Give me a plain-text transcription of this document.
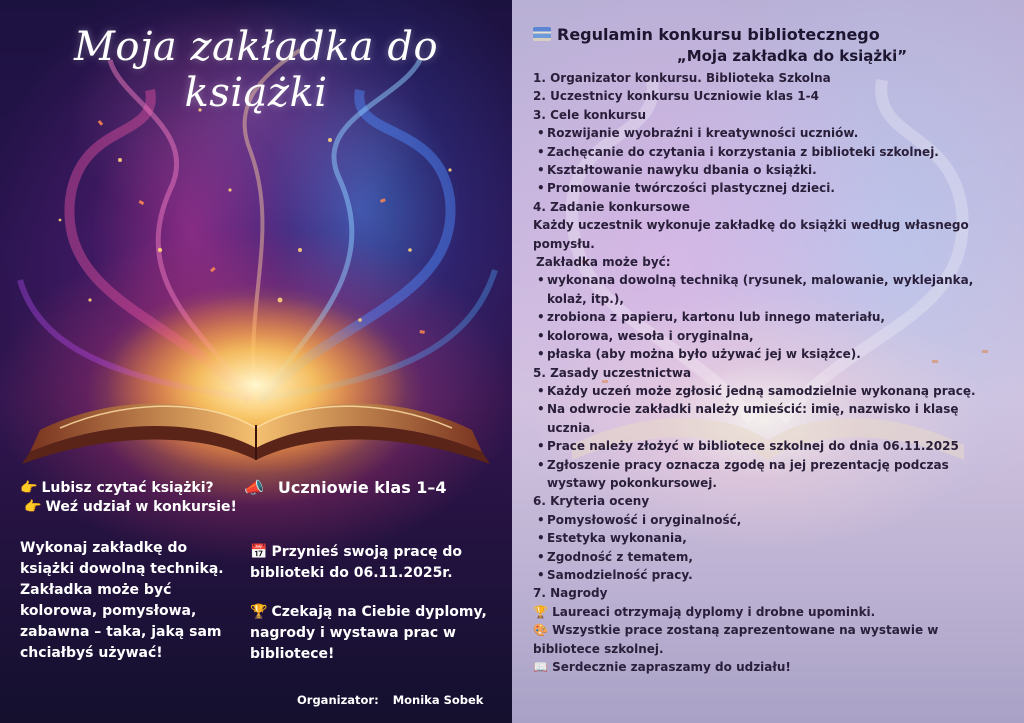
Moja zakładka do książki
👉 Lubisz czytać książki?
👉 Weź udział w konkursie!
📣 Uczniowie klas 1–4
Wykonaj zakładkę do książki dowolną techniką. Zakładka może być kolorowa, pomysłowa, zabawna – taka, jaką sam chciałbyś używać!
📅 Przynieś swoją pracę do biblioteki do 06.11.2025r.
🏆 Czekają na Ciebie dyplomy, nagrody i wystawa prac w bibliotece!
Organizator: Monika Sobek
Regulamin konkursu bibliotecznego
„Moja zakładka do książki”
1. Organizator konkursu. Biblioteka Szkolna
2. Uczestnicy konkursu Uczniowie klas 1-4
3. Cele konkursu
• Rozwijanie wyobraźni i kreatywności uczniów.
• Zachęcanie do czytania i korzystania z biblioteki szkolnej.
• Kształtowanie nawyku dbania o książki.
• Promowanie twórczości plastycznej dzieci.
4. Zadanie konkursowe
Każdy uczestnik wykonuje zakładkę do książki według własnego pomysłu.
Zakładka może być:
• wykonana dowolną techniką (rysunek, malowanie, wyklejanka, kolaż, itp.),
• zrobiona z papieru, kartonu lub innego materiału,
• kolorowa, wesoła i oryginalna,
• płaska (aby można było używać jej w książce).
5. Zasady uczestnictwa
• Każdy uczeń może zgłosić jedną samodzielnie wykonaną pracę.
• Na odwrocie zakładki należy umieścić: imię, nazwisko i klasę ucznia.
• Prace należy złożyć w bibliotece szkolnej do dnia 06.11.2025
• Zgłoszenie pracy oznacza zgodę na jej prezentację podczas wystawy pokonkursowej.
6. Kryteria oceny
• Pomysłowość i oryginalność,
• Estetyka wykonania,
• Zgodność z tematem,
• Samodzielność pracy.
7. Nagrody
🏆 Laureaci otrzymają dyplomy i drobne upominki.
🎨 Wszystkie prace zostaną zaprezentowane na wystawie w bibliotece szkolnej.
📖 Serdecznie zapraszamy do udziału!
